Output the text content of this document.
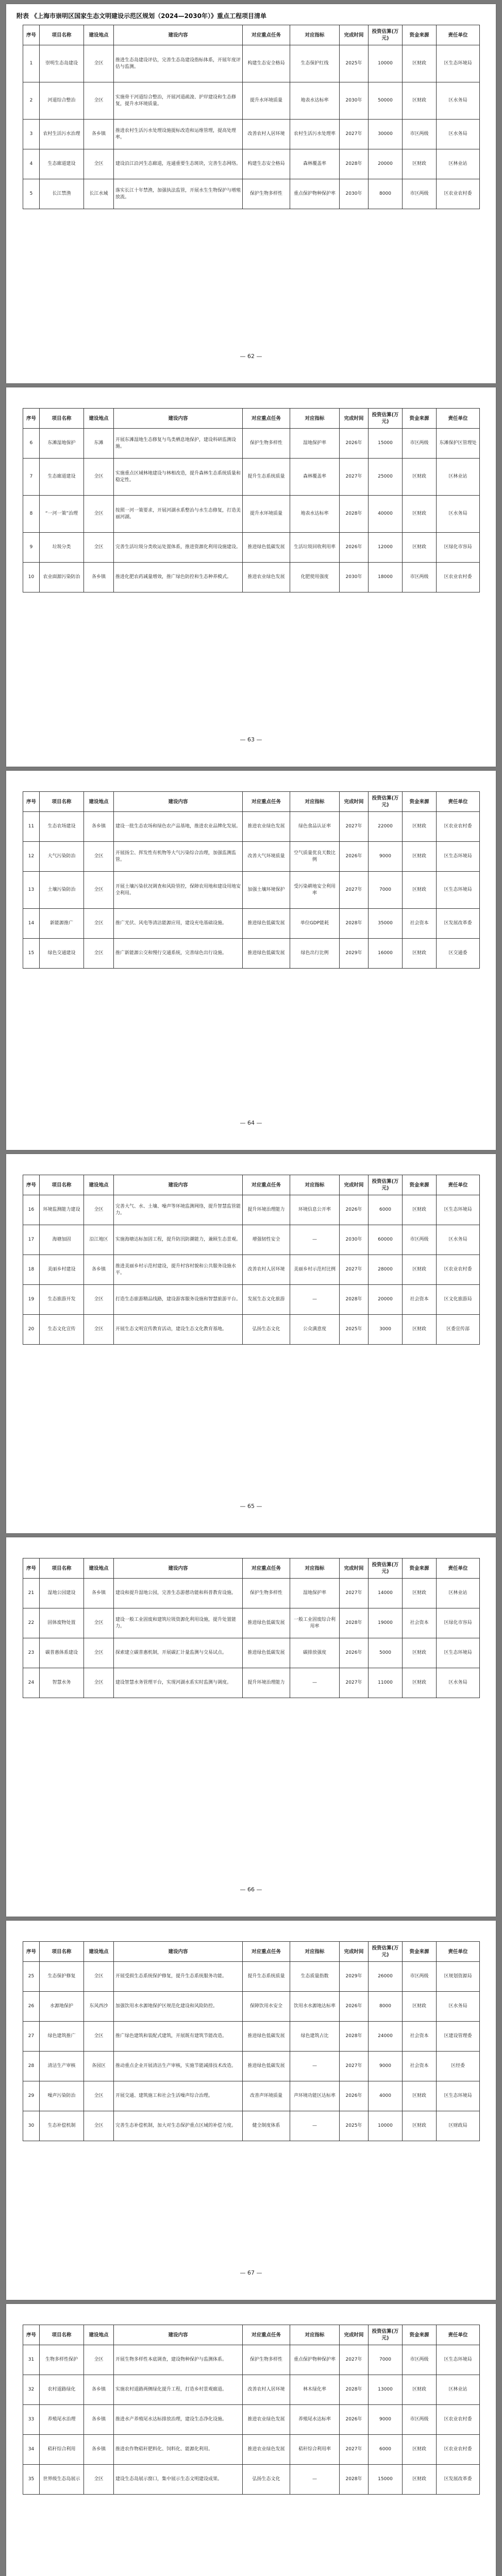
附表 《上海市崇明区国家生态文明建设示范区规划（2024—2030年）》重点工程项目清单
序号	项目名称	建设地点	建设内容	对应重点任务	对应指标	完成时间	投资估算(万元)	资金来源	责任单位
1	崇明生态岛建设	全区	推进生态岛建设评估，完善生态岛建设指标体系，开展年度评估与监测。	构建生态安全格局	生态保护红线	2025年	10000	区财政	区生态环境局
2	河道综合整治	全区	实施骨干河道综合整治，开展河道疏浚、护岸建设和生态修复，提升水环境质量。	提升水环境质量	地表水达标率	2030年	50000	区财政	区水务局
3	农村生活污水治理	各乡镇	推进农村生活污水处理设施提标改造和运维管理，提高处理率。	改善农村人居环境	农村生活污水处理率	2027年	30000	市区两级	区水务局
4	生态廊道建设	全区	建设沿江沿河生态廊道，连通重要生态斑块，完善生态网络。	构建生态安全格局	森林覆盖率	2028年	20000	区财政	区林业站
5	长江禁渔	长江水域	落实长江十年禁渔，加强执法监管，开展水生生物保护与增殖放流。	保护生物多样性	重点保护物种保护率	2030年	8000	市区两级	区农业农村委
— 62 —
序号	项目名称	建设地点	建设内容	对应重点任务	对应指标	完成时间	投资估算(万元)	资金来源	责任单位
6	东滩湿地保护	东滩	开展东滩湿地生态修复与鸟类栖息地保护，建设科研监测设施。	保护生物多样性	湿地保护率	2026年	15000	市区两级	东滩保护区管理处
7	生态廊道建设	全区	实施重点区域林地建设与林相改造，提升森林生态系统质量和稳定性。	提升生态系统质量	森林覆盖率	2027年	25000	区财政	区林业站
8	“一河一策”治理	全区	按照一河一策要求，开展河湖水系整治与水生态修复，打造美丽河湖。	提升水环境质量	地表水达标率	2028年	40000	区财政	区水务局
9	垃圾分类	全区	完善生活垃圾分类收运处置体系，推进资源化利用设施建设。	推进绿色低碳发展	生活垃圾回收利用率	2026年	12000	区财政	区绿化市容局
10	农业面源污染防治	各乡镇	推进化肥农药减量增效，推广绿色防控和生态种养模式。	推进农业绿色发展	化肥使用强度	2030年	18000	市区两级	区农业农村委
— 63 —
序号	项目名称	建设地点	建设内容	对应重点任务	对应指标	完成时间	投资估算(万元)	资金来源	责任单位
11	生态农场建设	各乡镇	建设一批生态农场和绿色农产品基地，推进农业品牌化发展。	推进农业绿色发展	绿色食品认证率	2027年	22000	区财政	区农业农村委
12	大气污染防治	全区	开展扬尘、挥发性有机物等大气污染综合治理，加强监测监管。	改善大气环境质量	空气质量优良天数比例	2026年	9000	区财政	区生态环境局
13	土壤污染防治	全区	开展土壤污染状况调查和风险管控，保障农用地和建设用地安全利用。	加强土壤环境保护	受污染耕地安全利用率	2027年	7000	区财政	区生态环境局
14	新能源推广	全区	推广光伏、风电等清洁能源应用，建设充电基础设施。	推进绿色低碳发展	单位GDP能耗	2028年	35000	社会资本	区发展改革委
15	绿色交通建设	全区	推广新能源公交和慢行交通系统，完善绿色出行设施。	推进绿色低碳发展	绿色出行比例	2029年	16000	区财政	区交通委
— 64 —
序号	项目名称	建设地点	建设内容	对应重点任务	对应指标	完成时间	投资估算(万元)	资金来源	责任单位
16	环境监测能力建设	全区	完善大气、水、土壤、噪声等环境监测网络，提升智慧监管能力。	提升环境治理能力	环境信息公开率	2026年	6000	区财政	区生态环境局
17	海塘加固	沿江地区	实施海塘达标加固工程，提升防汛防潮能力，兼顾生态景观。	增强韧性安全	—	2030年	60000	市区两级	区水务局
18	美丽乡村建设	各乡镇	推进美丽乡村示范村建设，提升村容村貌和公共服务设施水平。	改善农村人居环境	美丽乡村示范村比例	2027年	28000	区财政	区农业农村委
19	生态旅游开发	全区	打造生态旅游精品线路，建设游客服务设施和智慧旅游平台。	发展生态文化旅游	—	2028年	20000	社会资本	区文化旅游局
20	生态文化宣传	全区	开展生态文明宣传教育活动，建设生态文化教育基地。	弘扬生态文化	公众满意度	2025年	3000	区财政	区委宣传部
— 65 —
序号	项目名称	建设地点	建设内容	对应重点任务	对应指标	完成时间	投资估算(万元)	资金来源	责任单位
21	湿地公园建设	各乡镇	建设和提升湿地公园，完善生态游憩功能和科普教育设施。	保护生物多样性	湿地保护率	2027年	14000	区财政	区林业站
22	固体废物处置	全区	建设一般工业固废和建筑垃圾资源化利用设施，提升处置能力。	推进绿色低碳发展	一般工业固废综合利用率	2028年	19000	社会资本	区绿化市容局
23	碳普惠体系建设	全区	探索建立碳普惠机制，开展碳汇计量监测与交易试点。	推进绿色低碳发展	碳排放强度	2026年	5000	区财政	区生态环境局
24	智慧水务	全区	建设智慧水务管理平台，实现河湖水系实时监测与调度。	提升环境治理能力	—	2027年	11000	区财政	区水务局
— 66 —
序号	项目名称	建设地点	建设内容	对应重点任务	对应指标	完成时间	投资估算(万元)	资金来源	责任单位
25	生态保护修复	全区	开展受损生态系统保护修复，提升生态系统服务功能。	提升生态系统质量	生态质量指数	2029年	26000	市区两级	区规划资源局
26	水源地保护	东风西沙	加强饮用水水源地保护区规范化建设和风险防控。	保障饮用水安全	饮用水水源地达标率	2026年	8000	区财政	区水务局
27	绿色建筑推广	全区	推广绿色建筑和装配式建筑，开展既有建筑节能改造。	推进绿色低碳发展	绿色建筑占比	2028年	24000	社会资本	区建设管理委
28	清洁生产审核	各园区	推动重点企业开展清洁生产审核，实施节能减排技术改造。	推进绿色低碳发展	—	2027年	9000	社会资本	区经委
29	噪声污染防治	全区	开展交通、建筑施工和社会生活噪声综合治理。	改善声环境质量	声环境功能区达标率	2026年	4000	区财政	区生态环境局
30	生态补偿机制	全区	完善生态补偿机制，加大对生态保护重点区域的补偿力度。	健全制度体系	—	2025年	10000	区财政	区财政局
— 67 —
序号	项目名称	建设地点	建设内容	对应重点任务	对应指标	完成时间	投资估算(万元)	资金来源	责任单位
31	生物多样性保护	全区	开展生物多样性本底调查，建设物种保护与监测体系。	保护生物多样性	重点保护物种保护率	2027年	7000	市区两级	区生态环境局
32	农村道路绿化	各乡镇	实施农村道路两侧绿化提升工程，打造乡村景观廊道。	改善农村人居环境	林木绿化率	2028年	13000	区财政	区林业站
33	养殖尾水治理	各乡镇	推进水产养殖尾水达标排放治理，建设生态净化设施。	推进农业绿色发展	养殖尾水达标率	2026年	9000	市区两级	区农业农村委
34	秸秆综合利用	各乡镇	推进农作物秸秆肥料化、饲料化、能源化利用。	推进农业绿色发展	秸秆综合利用率	2027年	6000	区财政	区农业农村委
35	世界级生态岛展示	全区	建设生态岛展示窗口，集中展示生态文明建设成果。	弘扬生态文化	—	2028年	15000	区财政	区发展改革委
